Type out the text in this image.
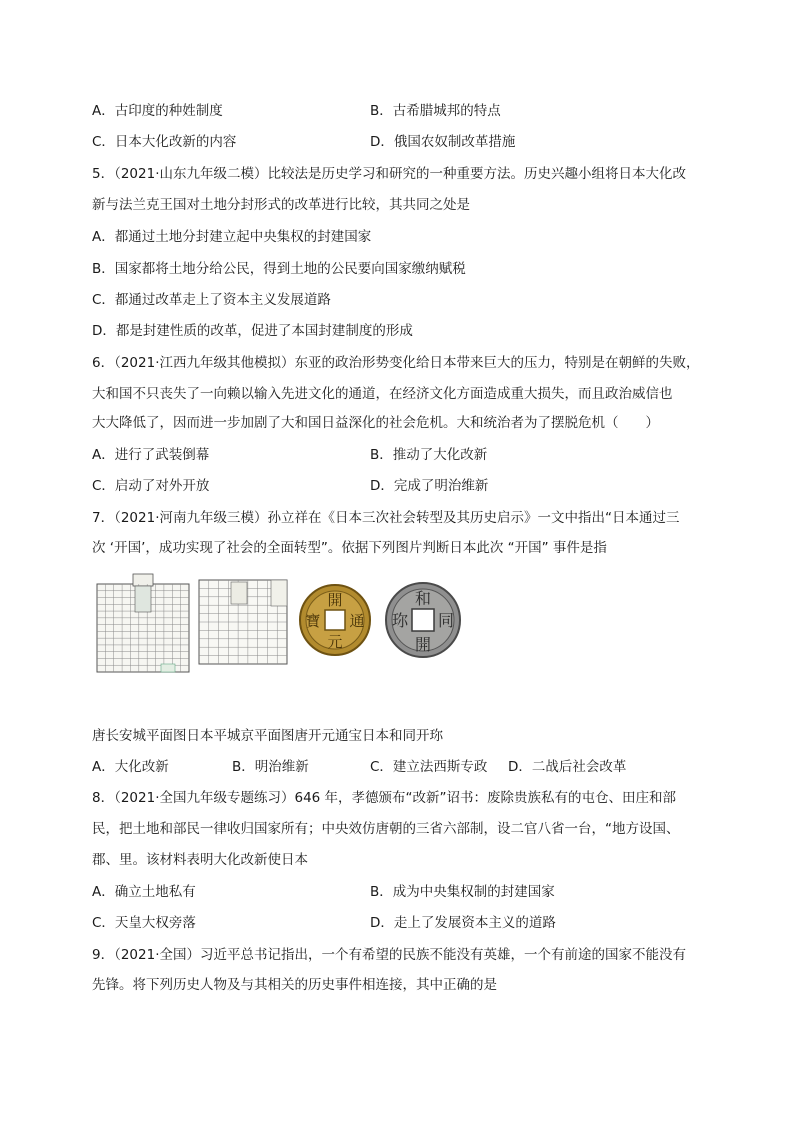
A．古印度的种姓制度	B．古希腊城邦的特点
C．日本大化改新的内容	D．俄国农奴制改革措施
5．（2021·山东九年级二模）比较法是历史学习和研究的一种重要方法。历史兴趣小组将日本大化改
新与法兰克王国对土地分封形式的改革进行比较，其共同之处是
A．都通过土地分封建立起中央集权的封建国家
B．国家都将土地分给公民，得到土地的公民要向国家缴纳赋税
C．都通过改革走上了资本主义发展道路
D．都是封建性质的改革，促进了本国封建制度的形成
6．（2021·江西九年级其他模拟）东亚的政治形势变化给日本带来巨大的压力，特别是在朝鲜的失败，
大和国不只丧失了一向赖以输入先进文化的通道，在经济文化方面造成重大损失，而且政治威信也
大大降低了，因而进一步加剧了大和国日益深化的社会危机。大和统治者为了摆脱危机（　　）
A．进行了武装倒幕	B．推动了大化改新
C．启动了对外开放	D．完成了明治维新
7．（2021·河南九年级三模）孙立祥在《日本三次社会转型及其历史启示》一文中指出“日本通过三
次 ‘开国’，成功实现了社会的全面转型”。依据下列图片判断日本此次 “开国” 事件是指
開
元
通
寶
和
同
開
珎
唐长安城平面图日本平城京平面图唐开元通宝日本和同开珎
A．大化改新	B．明治维新	C．建立法西斯专政 D．二战后社会改革
8．（2021·全国九年级专题练习）646 年，孝德颁布“改新”诏书：废除贵族私有的屯仓、田庄和部
民，把土地和部民一律收归国家所有；中央效仿唐朝的三省六部制，设二官八省一台，“地方设国、
郡、里。该材料表明大化改新使日本
A．确立土地私有	B．成为中央集权制的封建国家
C．天皇大权旁落	D．走上了发展资本主义的道路
9．（2021·全国）习近平总书记指出，一个有希望的民族不能没有英雄，一个有前途的国家不能没有
先锋。将下列历史人物及与其相关的历史事件相连接，其中正确的是
